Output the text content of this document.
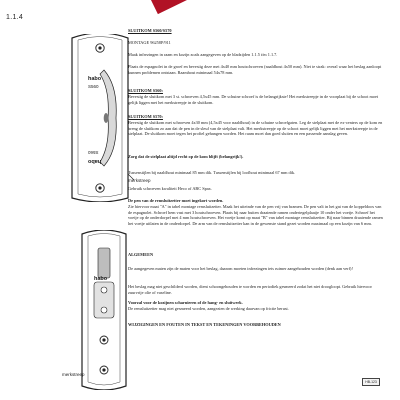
1.1.4
habo
S560
S560
habo
merkstreep
habo
merkstreep

SLUITKOM S560/S570

MONTAGE 96258P/911

Maak infrezingen in raam en kozijn zoals aangegeven op de bladzijden 1.1.5 t/m 1.1.7.

Plaats de espagnolet in de groef en bevestig deze met 4x40 mm houtschroeven (naaldhout 4x50 mm). Niet te strak: overal waar het beslag aanloopt kunnen problemen ontstaan. Raamhout minimaal 54x78 mm.

SLUITKOM S560:

Bevestig de sluitkom met 3 st. schroeven 4,5x45 mm. De schuine schroef is de belangrijkste! Het merkstreepje in de voorplaat bij de schoot moet gelijk liggen met het merkstreepje in de sluitkom.

SLUITKOM S570:

Bevestig de sluitkom met schroeven 4x30 mm (4,5x45 voor naaldhout) in de schuine schroefgaten. Leg de stelplaat met de ex-centers op de kom en breng de sluitkom zo aan dat de pen in de sleuf van de stelplaat valt. Het merkstreepje op de schoot moet gelijk liggen met het merkstreepje in de stelplaat. De sluitkom moet tegen het profiel gehangen worden. Het raam moet dan goed sluiten en een passende aanslag geven.

Zorg dat de stelplaat altijd recht op de kom blijft (belangrijk!).

Tussenstijlen bij naaldhout minimaal 85 mm dik. Tussenstijlen bij loofhout minimaal 67 mm dik.

Gebruik schroeven kwaliteit Heco of ABC Spax.

De pen van de remsluitzetter moet ingekort worden.

Zie hiervoor maat "A" in tabel montage remsluitzetter. Maak het uiteinde van de pen vrij van bramen. De pen valt in het gat van de koppeldoos van de espagnolet. Schroef hem vast met 3 houtschroeven. Plaats bij naar buiten draaiende ramen ondertegelplaatje 10 onder het voetje. Schroef het voetje op de onderdorpel met 4 mm houtschroeven. Het voetje komt op maat "B" van tabel montage remsluitzetter. Bij naar binnen draaiende ramen het voetje uitlaten in de onderdorpel. De arm van de remsluitzetter kan in de gewenste stand gezet worden maximaal op een kozijn van 6 mm.

ALGEMEEN

De aangegeven maten zijn de maten voor het beslag, daarom moeten infrezingen iets ruimer aangehouden worden (denk aan verf)!

Het beslag mag niet geschilderd worden, dient schoongehouden te worden en periodiek gesmeerd zodat het niet droogloopt. Gebruik hiervoor zuurvrije olie of vaseline.

Voorzal voor de kozijnen scharnieren of de hang- en sluitwerk.

De remsluitzetter mag niet gesmeerd worden, aangezien de werking daarvan op frictie berust.

WIJZIGINGEN EN FOUTEN IN TEKST EN TEKENINGEN VOORBEHOUDEN

HB-123
